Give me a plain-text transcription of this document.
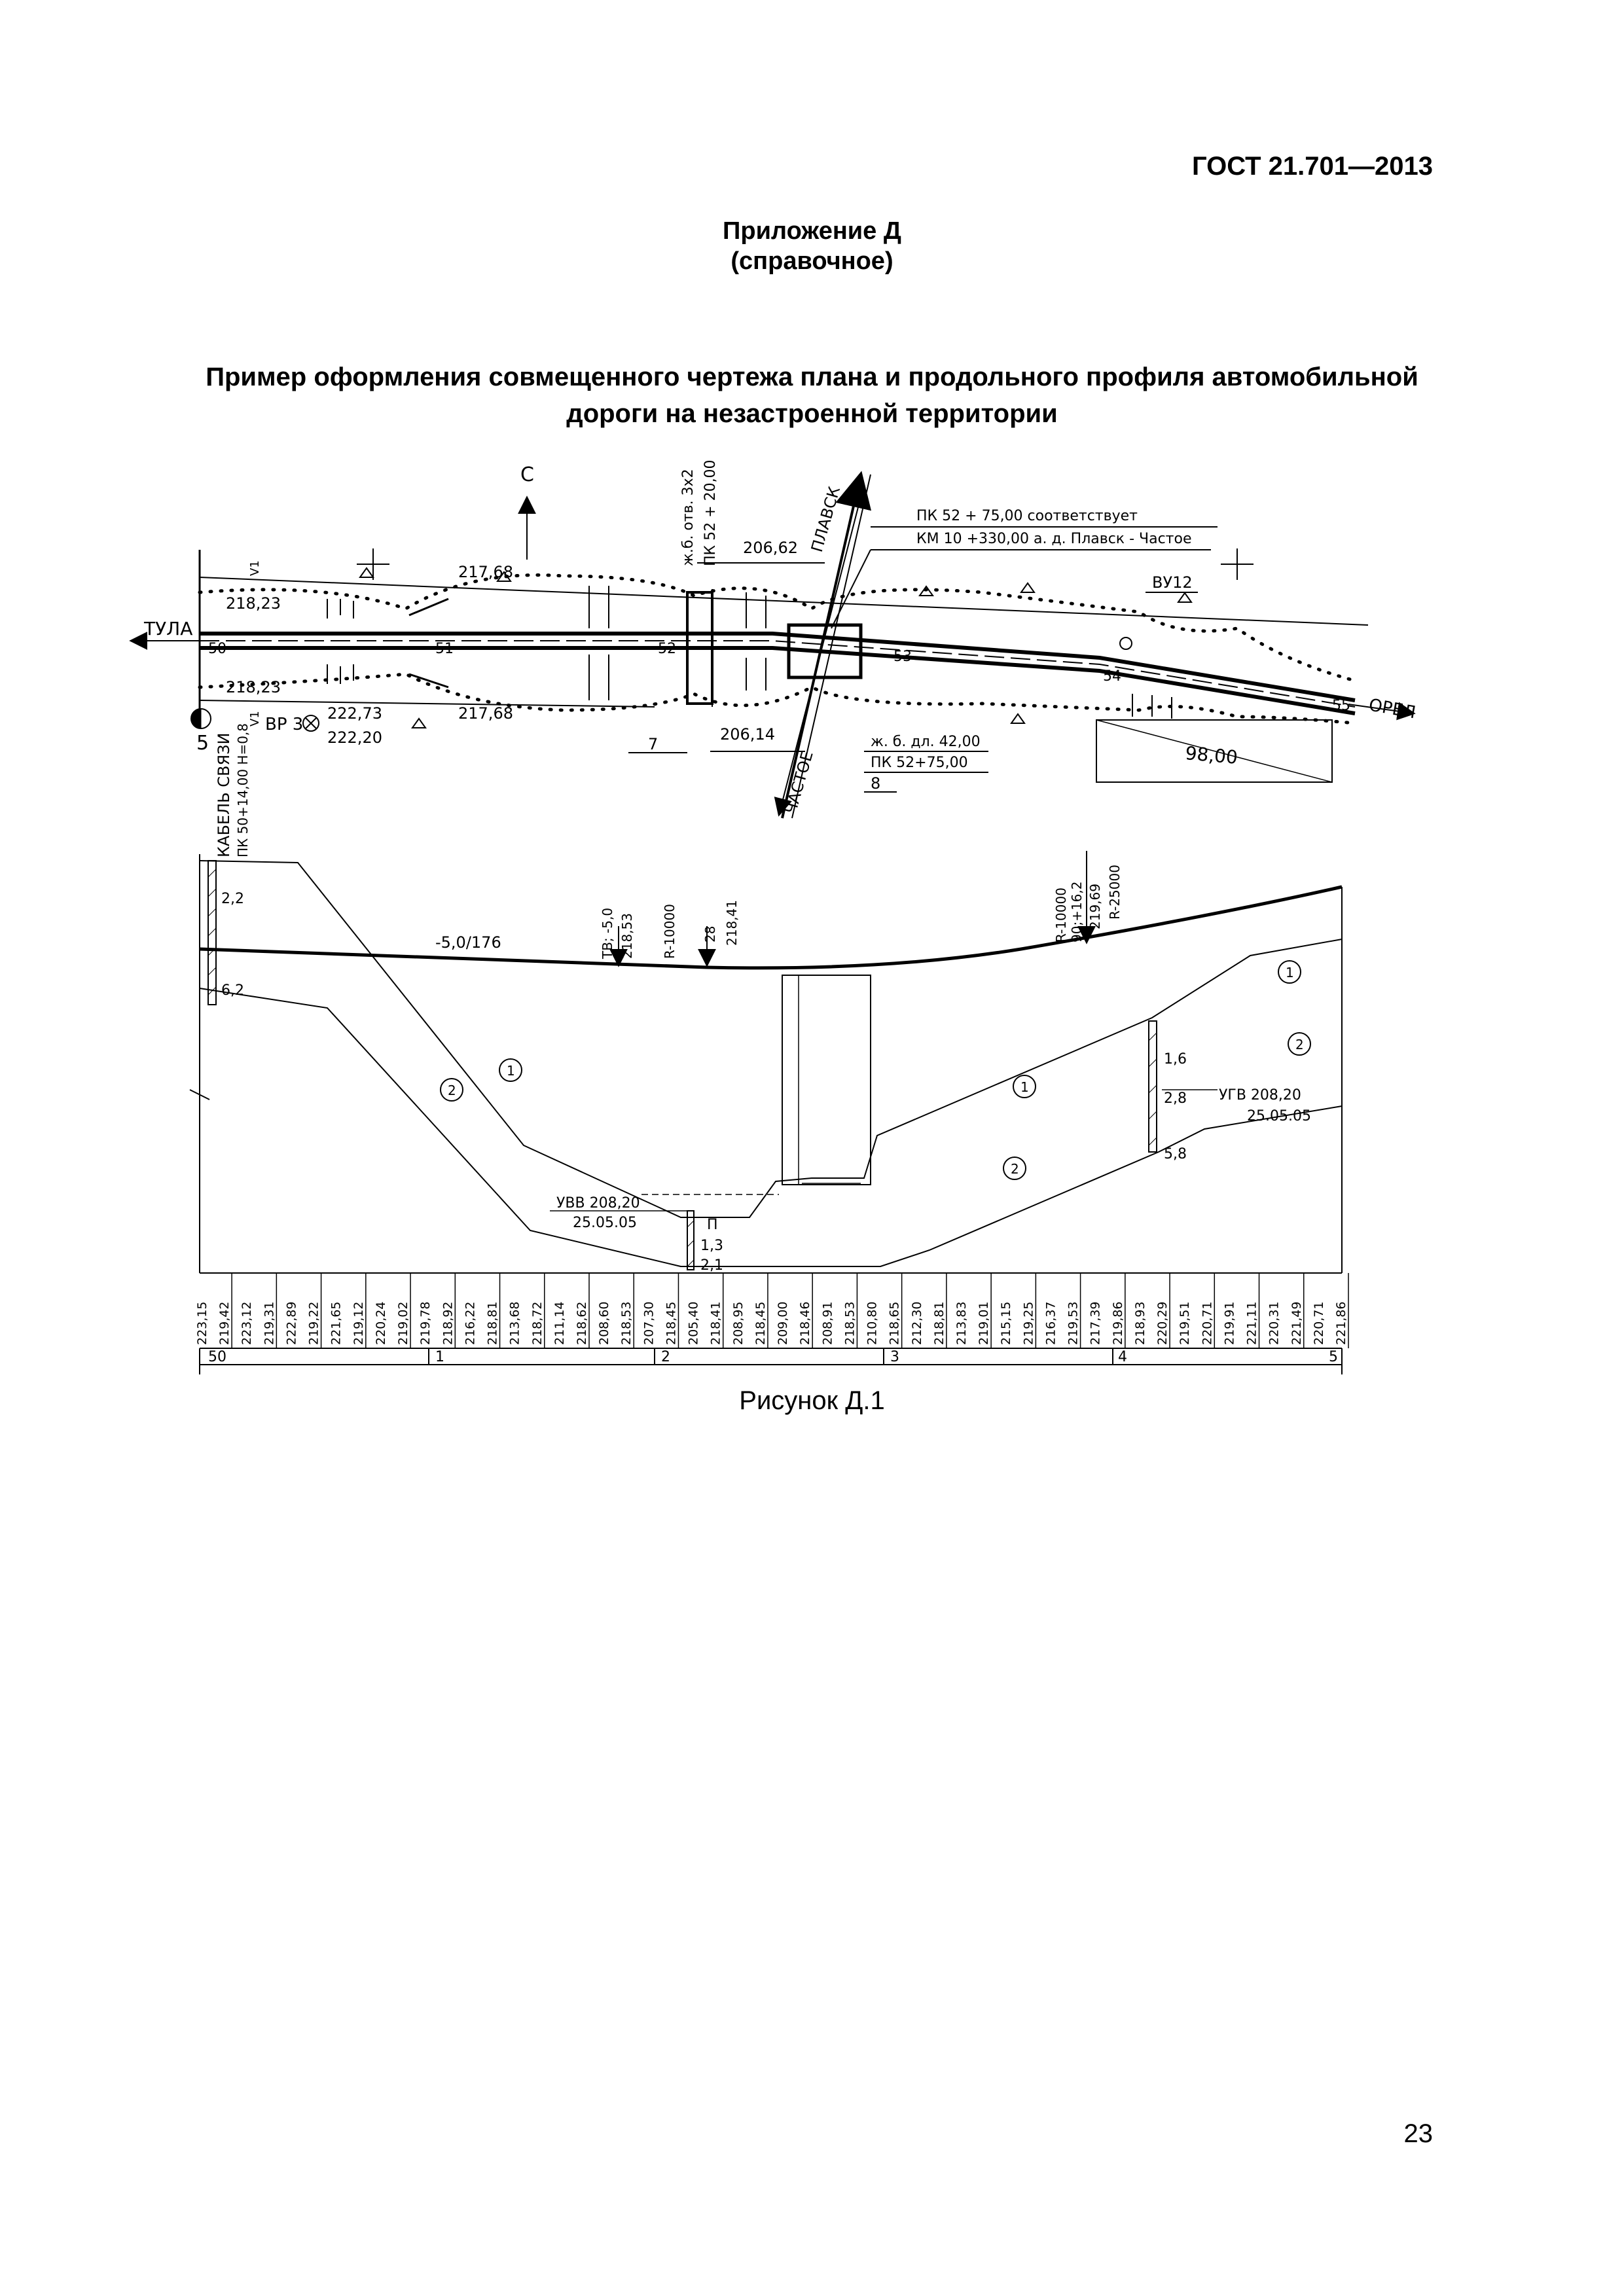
ГОСТ 21.701—2013
Приложение Д
(справочное)
Пример оформления совмещенного чертежа плана и продольного профиля автомобильной
дороги на незастроенной территории
С
ТУЛА
ОРЕЛ
ПЛАВСК
ЧАСТОЕ
ж.б. отв. 3х2 ПК 52 + 20,00	ПК 52 + 75,00 соответствует
КМ 10 +330,00 а. д. Плавск - Частое
ж. б. дл. 42,00
ПК 52+75,00
217,68
217,68
218,23
218,23
206,62
206,14
ВУ12
ВР 3
222,73
222,20
КАБЕЛЬ СВЯЗИ ПК 50+14,00 Н=0,8
5	7
8
98,00
50	51	52	53
54
55
V1
V1
2,2
6,2
-5,0/176	ТВ; -5,0 218,53 R-10000 28 218,41	R-10000 90;+16,2 219,69 R-25000
1,6
2,8
5,8
УГВ 208,20
25.05.05
УВВ 208,20
25.05.05	П
1,3
2,1
1
2	1
2
1
2
223,15 219,42 223,12 219,31 222,89 219,22 221,65 219,12 220,24 219,02 219,78 218,92 216,22 218,81 213,68 218,72 211,14 218,62 208,60 218,53 207,30 218,45 205,40 218,41 208,95 218,45 209,00 218,46 208,91 218,53 210,80 218,65 212,30 218,81 213,83 219,01 215,15 219,25 216,37 219,53 217,39 219,86 218,93 220,29 219,51 220,71 219,91 221,11 220,31 221,49 220,71 221,86
50	1	2	3	4	5
Рисунок Д.1
23
